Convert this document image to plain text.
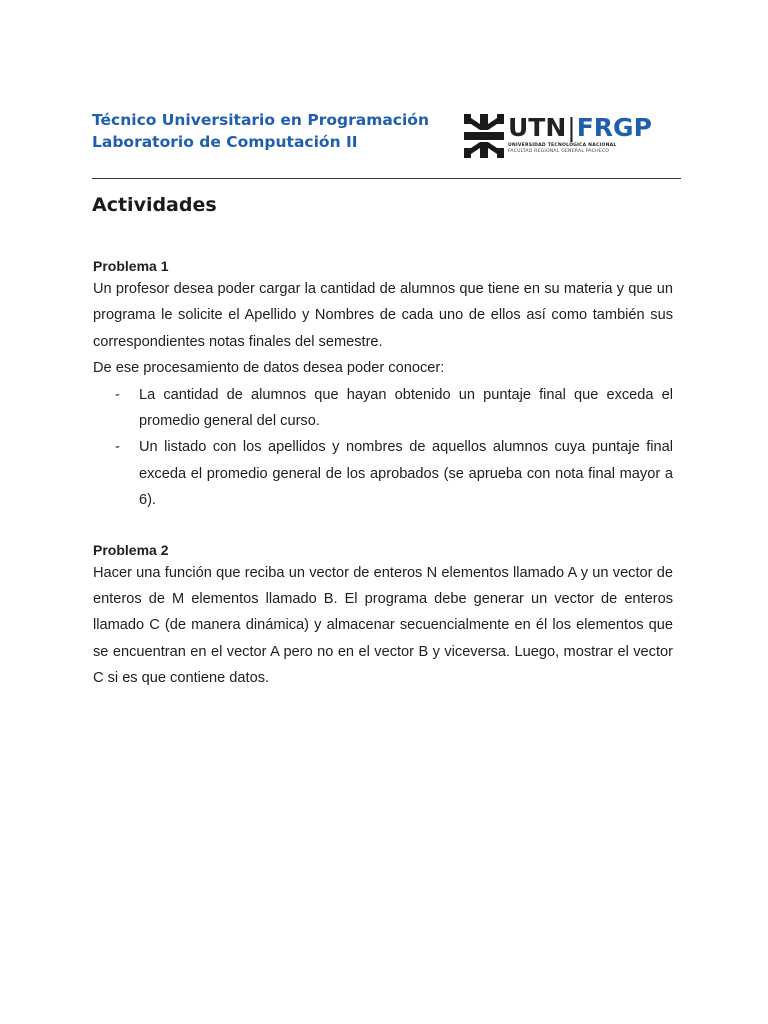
Técnico Universitario en Programación
Laboratorio de Computación II	UTN|FRGP
UNIVERSIDAD TECNOLÓGICA NACIONAL
FACULTAD REGIONAL GENERAL PACHECO
Actividades
Problema 1

Un profesor desea poder cargar la cantidad de alumnos que tiene en su materia y que un programa le solicite el Apellido y Nombres de cada uno de ellos así como también sus correspondientes notas finales del semestre.

De ese procesamiento de datos desea poder conocer:

- La cantidad de alumnos que hayan obtenido un puntaje final que exceda el promedio general del curso.
- Un listado con los apellidos y nombres de aquellos alumnos cuya puntaje final exceda el promedio general de los aprobados (se aprueba con nota final mayor a 6).
Problema 2

Hacer una función que reciba un vector de enteros N elementos llamado A y un vector de enteros de M elementos llamado B. El programa debe generar un vector de enteros llamado C (de manera dinámica) y almacenar secuencialmente en él los elementos que se encuentran en el vector A pero no en el vector B y viceversa. Luego, mostrar el vector C si es que contiene datos.
